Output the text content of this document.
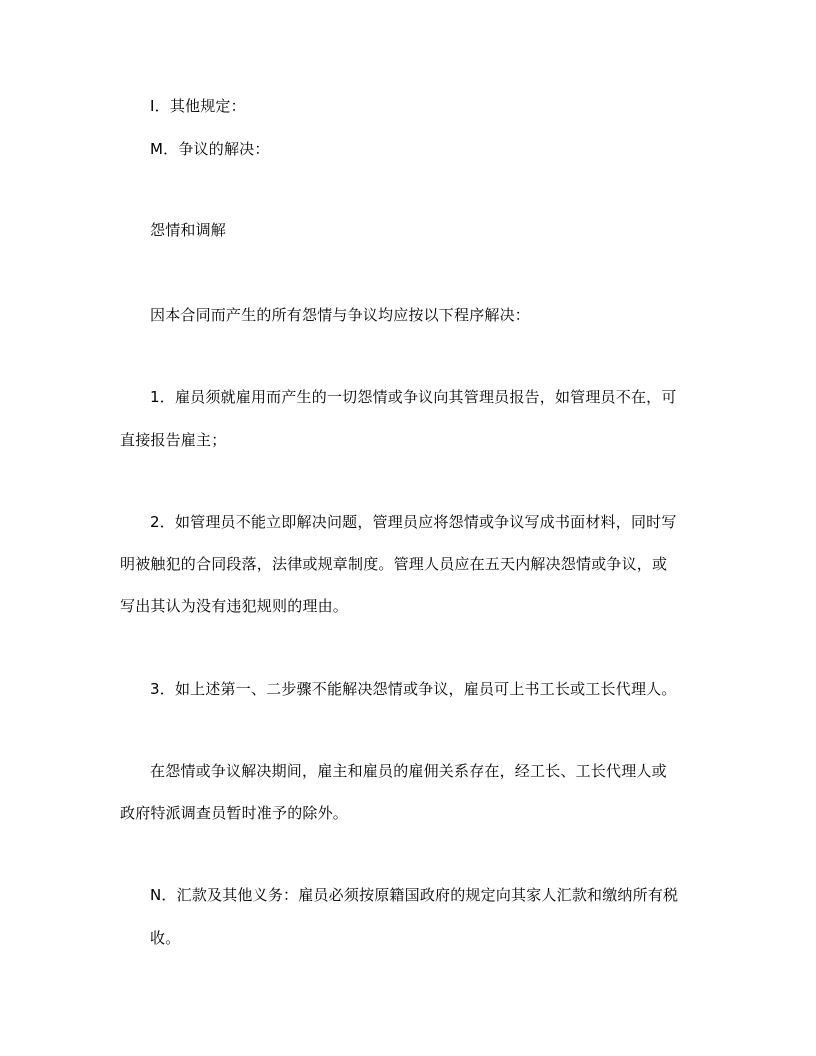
I．其他规定：
M．争议的解决：
怨情和调解
因本合同而产生的所有怨情与争议均应按以下程序解决：
1．雇员须就雇用而产生的一切怨情或争议向其管理员报告，如管理员不在，可
直接报告雇主；
2．如管理员不能立即解决问题，管理员应将怨情或争议写成书面材料，同时写
明被触犯的合同段落，法律或规章制度。管理人员应在五天内解决怨情或争议，或
写出其认为没有违犯规则的理由。
3．如上述第一、二步骤不能解决怨情或争议，雇员可上书工长或工长代理人。
在怨情或争议解决期间，雇主和雇员的雇佣关系存在，经工长、工长代理人或
政府特派调查员暂时准予的除外。
N．汇款及其他义务：雇员必须按原籍国政府的规定向其家人汇款和缴纳所有税
收。
